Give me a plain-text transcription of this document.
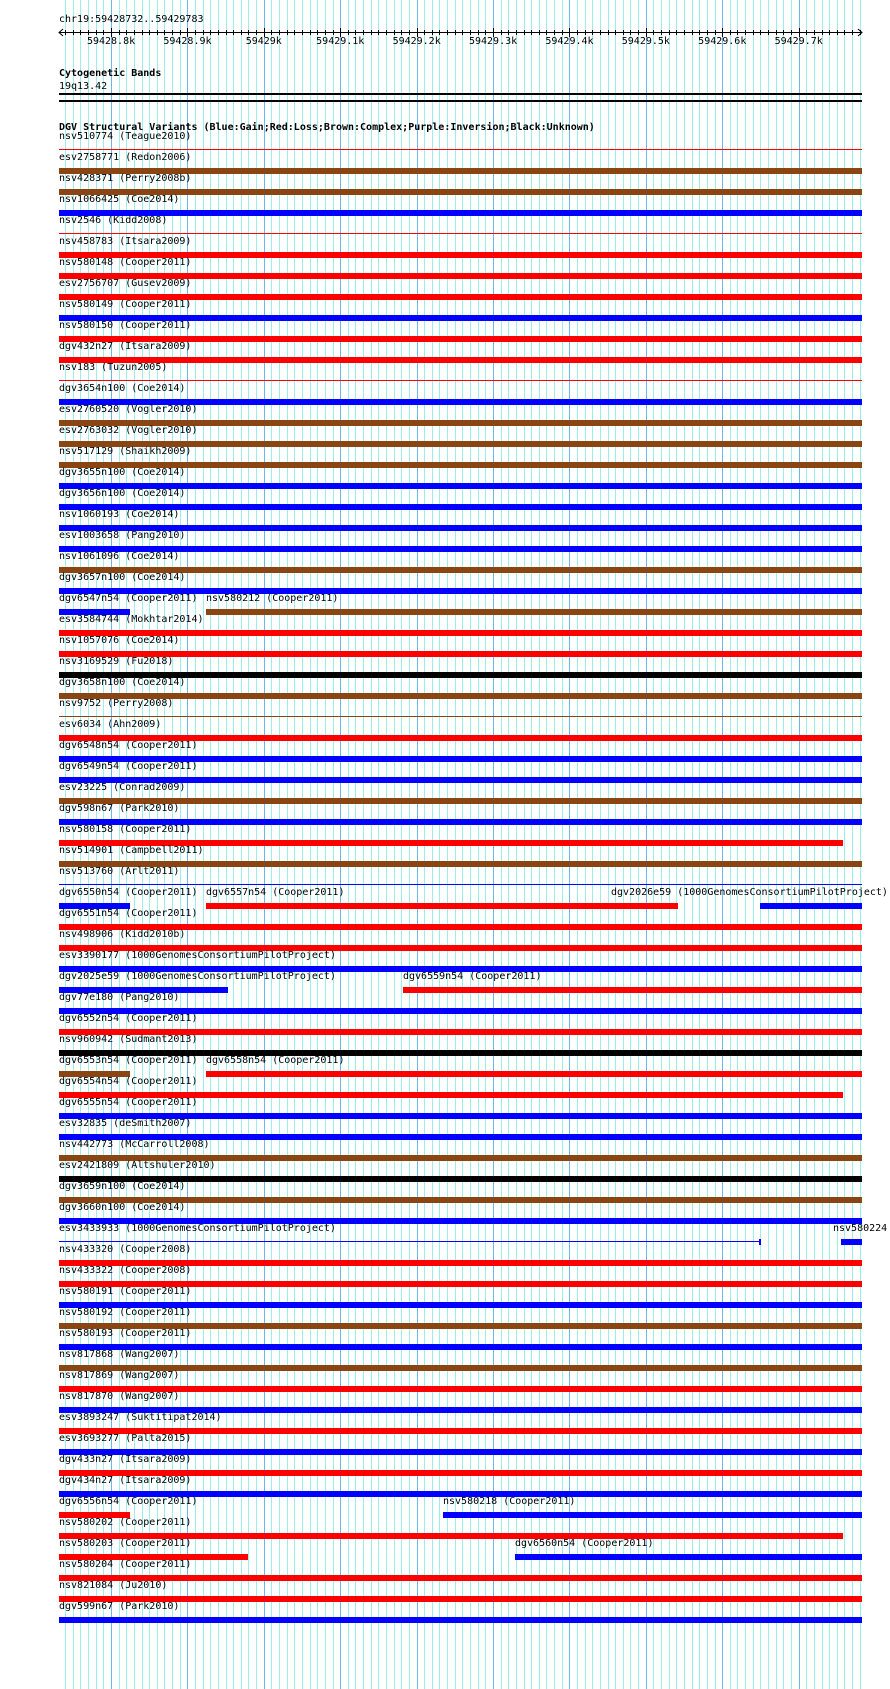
chr19:59428732..59429783
59428.8k	59428.9k	59429k	59429.1k	59429.2k	59429.3k	59429.4k	59429.5k	59429.6k	59429.7k
Cytogenetic Bands
19q13.42
DGV Structural Variants (Blue:Gain;Red:Loss;Brown:Complex;Purple:Inversion;Black:Unknown)
nsv510774 (Teague2010)
esv2758771 (Redon2006)
nsv428371 (Perry2008b)
nsv1066425 (Coe2014)
nsv2546 (Kidd2008)
nsv458783 (Itsara2009)
nsv580148 (Cooper2011)
esv2756707 (Gusev2009)
nsv580149 (Cooper2011)
nsv580150 (Cooper2011)
dgv432n27 (Itsara2009)
nsv183 (Tuzun2005)
dgv3654n100 (Coe2014)
esv2760520 (Vogler2010)
esv2763032 (Vogler2010)
nsv517129 (Shaikh2009)
dgv3655n100 (Coe2014)
dgv3656n100 (Coe2014)
nsv1060193 (Coe2014)
esv1003658 (Pang2010)
nsv1061096 (Coe2014)
dgv3657n100 (Coe2014)
dgv6547n54 (Cooper2011) nsv580212 (Cooper2011)
esv3584744 (Mokhtar2014)
nsv1057076 (Coe2014)
nsv3169529 (Fu2018)
dgv3658n100 (Coe2014)
nsv9752 (Perry2008)
esv6034 (Ahn2009)
dgv6548n54 (Cooper2011)
dgv6549n54 (Cooper2011)
esv23225 (Conrad2009)
dgv598n67 (Park2010)
nsv580158 (Cooper2011)
nsv514901 (Campbell2011)
nsv513760 (Arlt2011)
dgv6550n54 (Cooper2011) dgv6557n54 (Cooper2011)	dgv2026e59 (1000GenomesConsortiumPilotProject)
dgv6551n54 (Cooper2011)
nsv498906 (Kidd2010b)
esv3390177 (1000GenomesConsortiumPilotProject)
dgv2025e59 (1000GenomesConsortiumPilotProject)	dgv6559n54 (Cooper2011)
dgv77e180 (Pang2010)
dgv6552n54 (Cooper2011)
nsv960942 (Sudmant2013)
dgv6553n54 (Cooper2011) dgv6558n54 (Cooper2011)
dgv6554n54 (Cooper2011)
dgv6555n54 (Cooper2011)
esv32835 (deSmith2007)
nsv442773 (McCarroll2008)
esv2421809 (Altshuler2010)
dgv3659n100 (Coe2014)
dgv3660n100 (Coe2014)
esv3433933 (1000GenomesConsortiumPilotProject)	nsv580224
nsv433320 (Cooper2008)
nsv433322 (Cooper2008)
nsv580191 (Cooper2011)
nsv580192 (Cooper2011)
nsv580193 (Cooper2011)
nsv817868 (Wang2007)
nsv817869 (Wang2007)
nsv817870 (Wang2007)
esv3893247 (Suktitipat2014)
esv3693277 (Palta2015)
dgv433n27 (Itsara2009)
dgv434n27 (Itsara2009)
dgv6556n54 (Cooper2011)	nsv580218 (Cooper2011)
nsv580202 (Cooper2011)
nsv580203 (Cooper2011)	dgv6560n54 (Cooper2011)
nsv580204 (Cooper2011)
nsv821084 (Ju2010)
dgv599n67 (Park2010)
